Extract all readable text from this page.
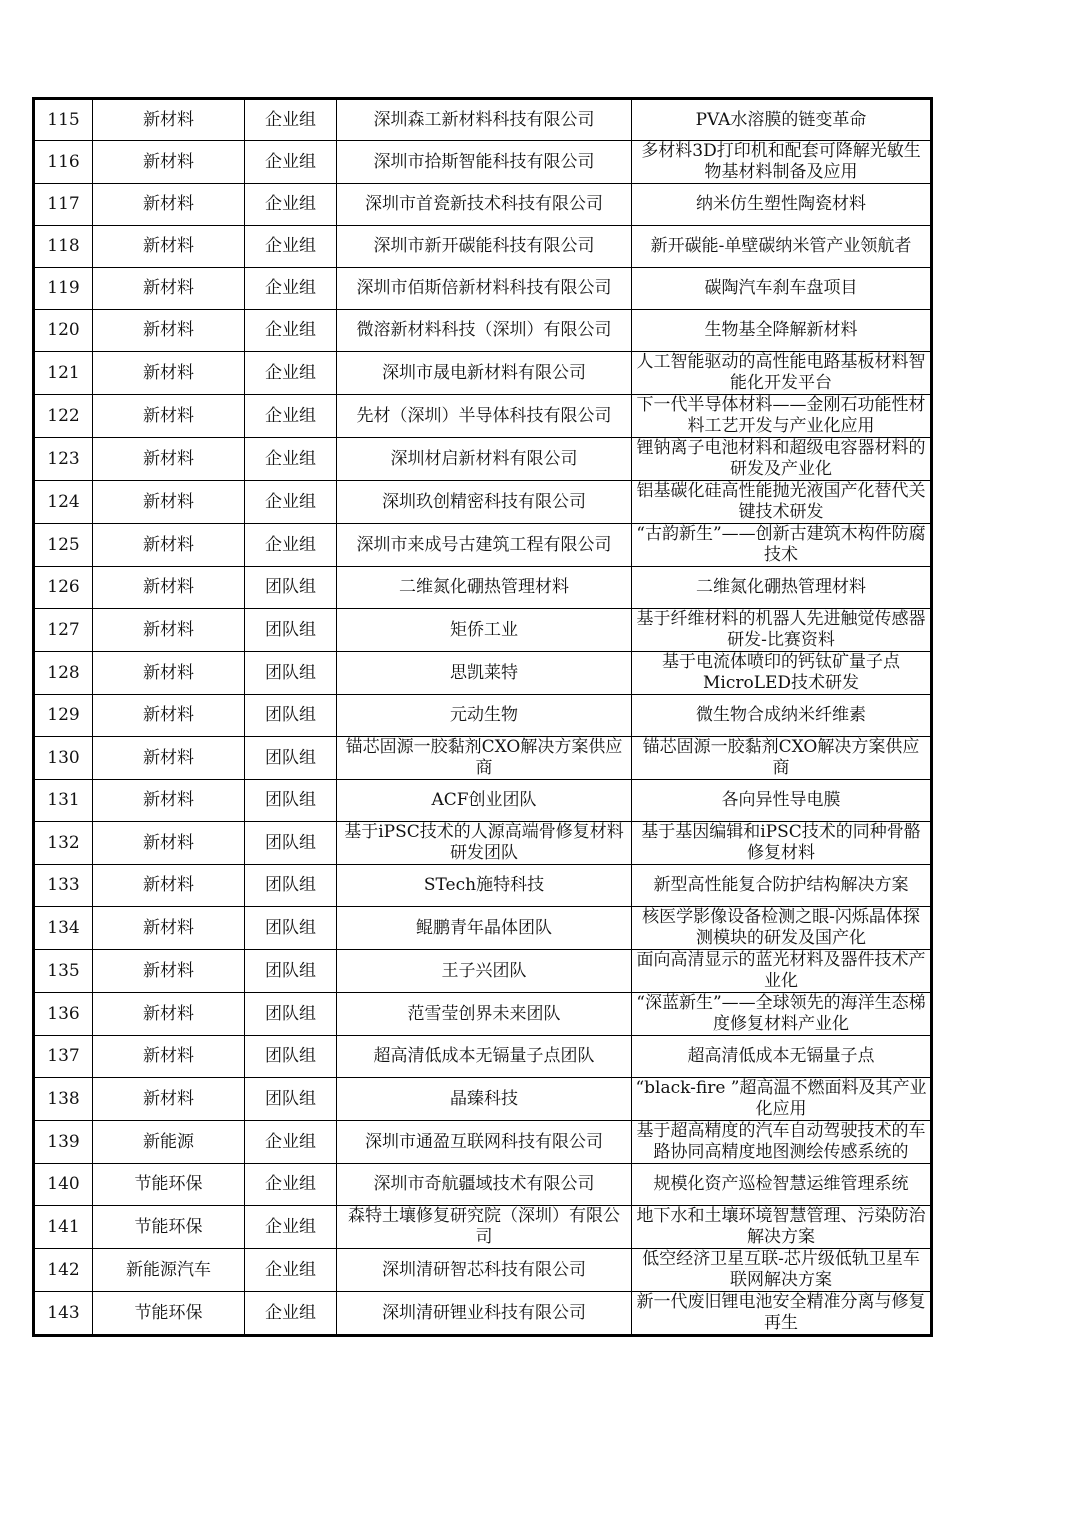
115	新材料	企业组	深圳森工新材料科技有限公司	PVA水溶膜的链变革命
116	新材料	企业组	深圳市拾斯智能科技有限公司	多材料3D打印机和配套可降解光敏生物基材料制备及应用
117	新材料	企业组	深圳市首瓷新技术科技有限公司	纳米仿生塑性陶瓷材料
118	新材料	企业组	深圳市新开碳能科技有限公司	新开碳能-单壁碳纳米管产业领航者
119	新材料	企业组	深圳市佰斯倍新材料科技有限公司	碳陶汽车刹车盘项目
120	新材料	企业组	微溶新材料科技（深圳）有限公司	生物基全降解新材料
121	新材料	企业组	深圳市晟电新材料有限公司	人工智能驱动的高性能电路基板材料智能化开发平台
122	新材料	企业组	先材（深圳）半导体科技有限公司	下一代半导体材料——金刚石功能性材料工艺开发与产业化应用
123	新材料	企业组	深圳材启新材料有限公司	锂钠离子电池材料和超级电容器材料的研发及产业化
124	新材料	企业组	深圳玖创精密科技有限公司	铝基碳化硅高性能抛光液国产化替代关键技术研发
125	新材料	企业组	深圳市来成号古建筑工程有限公司	“古韵新生”——创新古建筑木构件防腐技术
126	新材料	团队组	二维氮化硼热管理材料	二维氮化硼热管理材料
127	新材料	团队组	矩侨工业	基于纤维材料的机器人先进触觉传感器研发-比赛资料
128	新材料	团队组	思凯莱特	基于电流体喷印的钙钛矿量子点MicroLED技术研发
129	新材料	团队组	元动生物	微生物合成纳米纤维素
130	新材料	团队组	锚芯固源一胶黏剂CXO解决方案供应商	锚芯固源一胶黏剂CXO解决方案供应商
131	新材料	团队组	ACF创业团队	各向异性导电膜
132	新材料	团队组	基于iPSC技术的人源高端骨修复材料研发团队	基于基因编辑和iPSC技术的同种骨骼修复材料
133	新材料	团队组	STech施特科技	新型高性能复合防护结构解决方案
134	新材料	团队组	鲲鹏青年晶体团队	核医学影像设备检测之眼-闪烁晶体探测模块的研发及国产化
135	新材料	团队组	王子兴团队	面向高清显示的蓝光材料及器件技术产业化
136	新材料	团队组	范雪莹创界未来团队	“深蓝新生”——全球领先的海洋生态梯度修复材料产业化
137	新材料	团队组	超高清低成本无镉量子点团队	超高清低成本无镉量子点
138	新材料	团队组	晶臻科技	“black-fire ”超高温不燃面料及其产业化应用
139	新能源	企业组	深圳市通盈互联网科技有限公司	基于超高精度的汽车自动驾驶技术的车路协同高精度地图测绘传感系统的
140	节能环保	企业组	深圳市奇航疆域技术有限公司	规模化资产巡检智慧运维管理系统
141	节能环保	企业组	森特土壤修复研究院（深圳）有限公司	地下水和土壤环境智慧管理、污染防治解决方案
142	新能源汽车	企业组	深圳清研智芯科技有限公司	低空经济卫星互联-芯片级低轨卫星车联网解决方案
143	节能环保	企业组	深圳清研锂业科技有限公司	新一代废旧锂电池安全精准分离与修复再生
